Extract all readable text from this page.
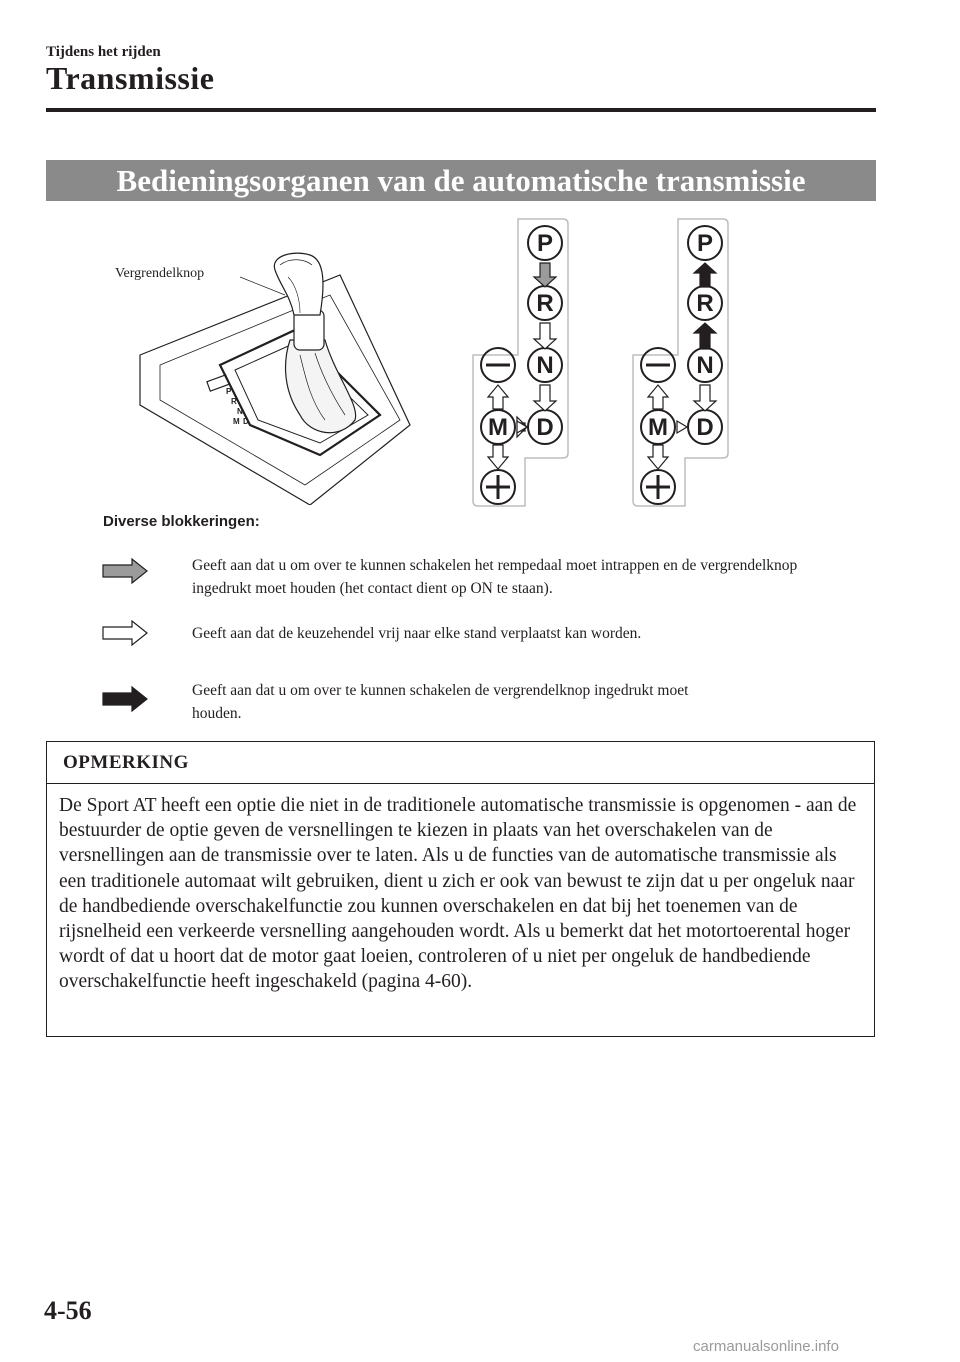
Tijdens het rijden
Transmissie
Bedieningsorganen van de automatische transmissie
Vergrendelknop
P
R
N
D
M
P
R
N
D
M
P
R
N
D
M
Diverse blokkeringen:
Geeft aan dat u om over te kunnen schakelen het rempedaal moet intrappen en de vergrendelknop ingedrukt moet houden (het contact dient op ON te staan).
Geeft aan dat de keuzehendel vrij naar elke stand verplaatst kan worden.
Geeft aan dat u om over te kunnen schakelen de vergrendelknop ingedrukt moet houden.
OPMERKING
De Sport AT heeft een optie die niet in de traditionele automatische transmissie is opgenomen - aan de bestuurder de optie geven de versnellingen te kiezen in plaats van het overschakelen van de versnellingen aan de transmissie over te laten. Als u de functies van de automatische transmissie als een traditionele automaat wilt gebruiken, dient u zich er ook van bewust te zijn dat u per ongeluk naar de handbediende overschakelfunctie zou kunnen overschakelen en dat bij het toenemen van de rijsnelheid een verkeerde versnelling aangehouden wordt. Als u bemerkt dat het motortoerental hoger wordt of dat u hoort dat de motor gaat loeien, controleren of u niet per ongeluk de handbediende overschakelfunctie heeft ingeschakeld (pagina 4-60).
4-56
carmanualsonline.info
